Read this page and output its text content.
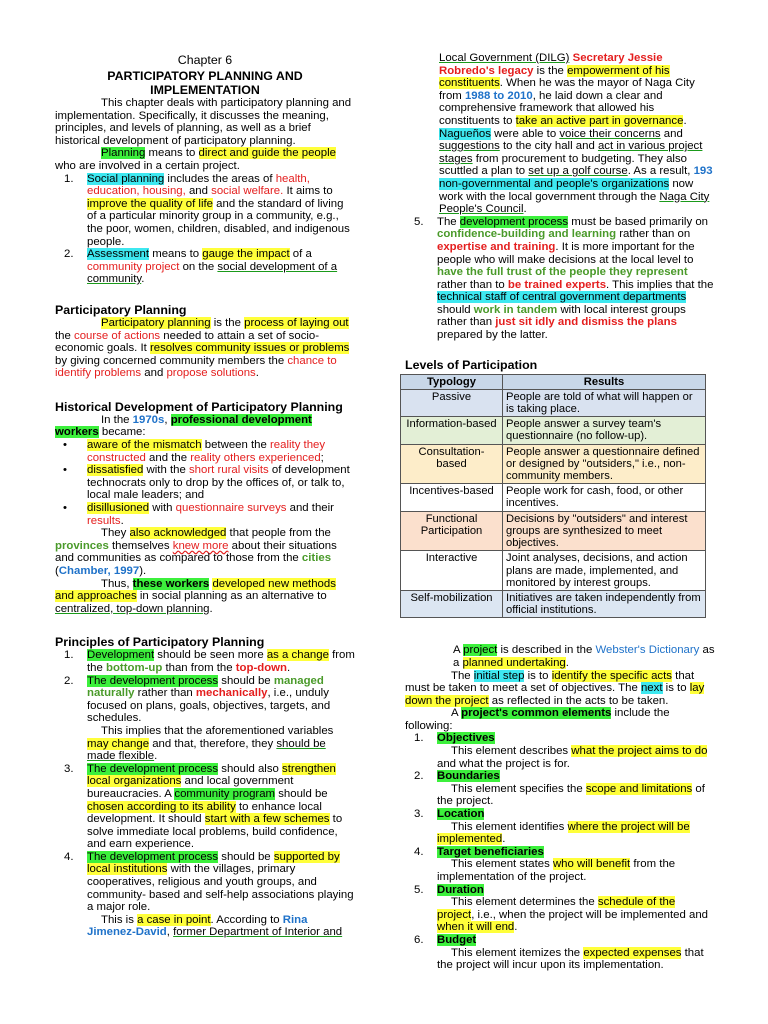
Chapter 6
PARTICIPATORY PLANNING AND
IMPLEMENTATION

This chapter deals with participatory planning and implementation. Specifically, it discusses the meaning, principles, and levels of planning, as well as a brief historical development of participatory planning.

Planning means to direct and guide the people who are involved in a certain project.

1. Social planning includes the areas of health, education, housing, and social welfare. It aims to improve the quality of life and the standard of living of a particular minority group in a community, e.g., the poor, women, children, disabled, and indigenous people.
2. Assessment means to gauge the impact of a community project on the social development of a community.
Participatory Planning

Participatory planning is the process of laying out the course of actions needed to attain a set of socio-economic goals. It resolves community issues or problems by giving concerned community members the chance to identify problems and propose solutions.

Historical Development of Participatory Planning

In the 1970s, professional development workers became:

• aware of the mismatch between the reality they constructed and the reality others experienced;
• dissatisfied with the short rural visits of development technocrats only to drop by the offices of, or talk to, local male leaders; and
• disillusioned with questionnaire surveys and their results.

They also acknowledged that people from the provinces themselves knew more about their situations and communities as compared to those from the cities (Chamber, 1997).

Thus, these workers developed new methods and approaches in social planning as an alternative to centralized, top-down planning.

Principles of Participatory Planning
1. Development should be seen more as a change from the bottom-up than from the top-down.
2. The development process should be managed naturally rather than mechanically, i.e., unduly focused on plans, goals, objectives, targets, and schedules.

This implies that the aforementioned variables may change and that, therefore, they should be made flexible.

3. The development process should also strengthen local organizations and local government bureaucracies. A community program should be chosen according to its ability to enhance local development. It should start with a few schemes to solve immediate local problems, build confidence, and earn experience.
4. The development process should be supported by local institutions with the villages, primary cooperatives, religious and youth groups, and community- based and self-help associations playing a major role.

This is a case in point. According to Rina Jimenez-David, former Department of Interior and

Local Government (DILG) Secretary Jessie Robredo's legacy is the empowerment of his constituents. When he was the mayor of Naga City from 1988 to 2010, he laid down a clear and comprehensive framework that allowed his constituents to take an active part in governance. Nagueños were able to voice their concerns and suggestions to the city hall and act in various project stages from procurement to budgeting. They also scuttled a plan to set up a golf course. As a result, 193 non-governmental and people's organizations now work with the local government through the Naga City People's Council.

5. The development process must be based primarily on confidence-building and learning rather than on expertise and training. It is more important for the people who will make decisions at the local level to have the full trust of the people they represent rather than to be trained experts. This implies that the technical staff of central government departments should work in tandem with local interest groups rather than just sit idly and dismiss the plans prepared by the latter.
Levels of Participation
Typology	Results
Passive	People are told of what will happen or is taking place.
Information-based	People answer a survey team's questionnaire (no follow-up).
Consultation-based	People answer a questionnaire defined or designed by "outsiders," i.e., non-community members.
Incentives-based	People work for cash, food, or other incentives.
Functional Participation	Decisions by "outsiders" and interest groups are synthesized to meet objectives.
Interactive	Joint analyses, decisions, and action plans are made, implemented, and monitored by interest groups.
Self-mobilization	Initiatives are taken independently from official institutions.

A project is described in the Webster's Dictionary as a planned undertaking.

The initial step is to identify the specific acts that must be taken to meet a set of objectives. The next is to lay down the project as reflected in the acts to be taken.

A project's common elements include the following:

1. Objectives
This element describes what the project aims to do and what the project is for.
2. Boundaries
This element specifies the scope and limitations of the project.
3. Location
This element identifies where the project will be implemented.
4. Target beneficiaries
This element states who will benefit from the implementation of the project.
5. Duration
This element determines the schedule of the project, i.e., when the project will be implemented and when it will end.
6. Budget
This element itemizes the expected expenses that the project will incur upon its implementation.
